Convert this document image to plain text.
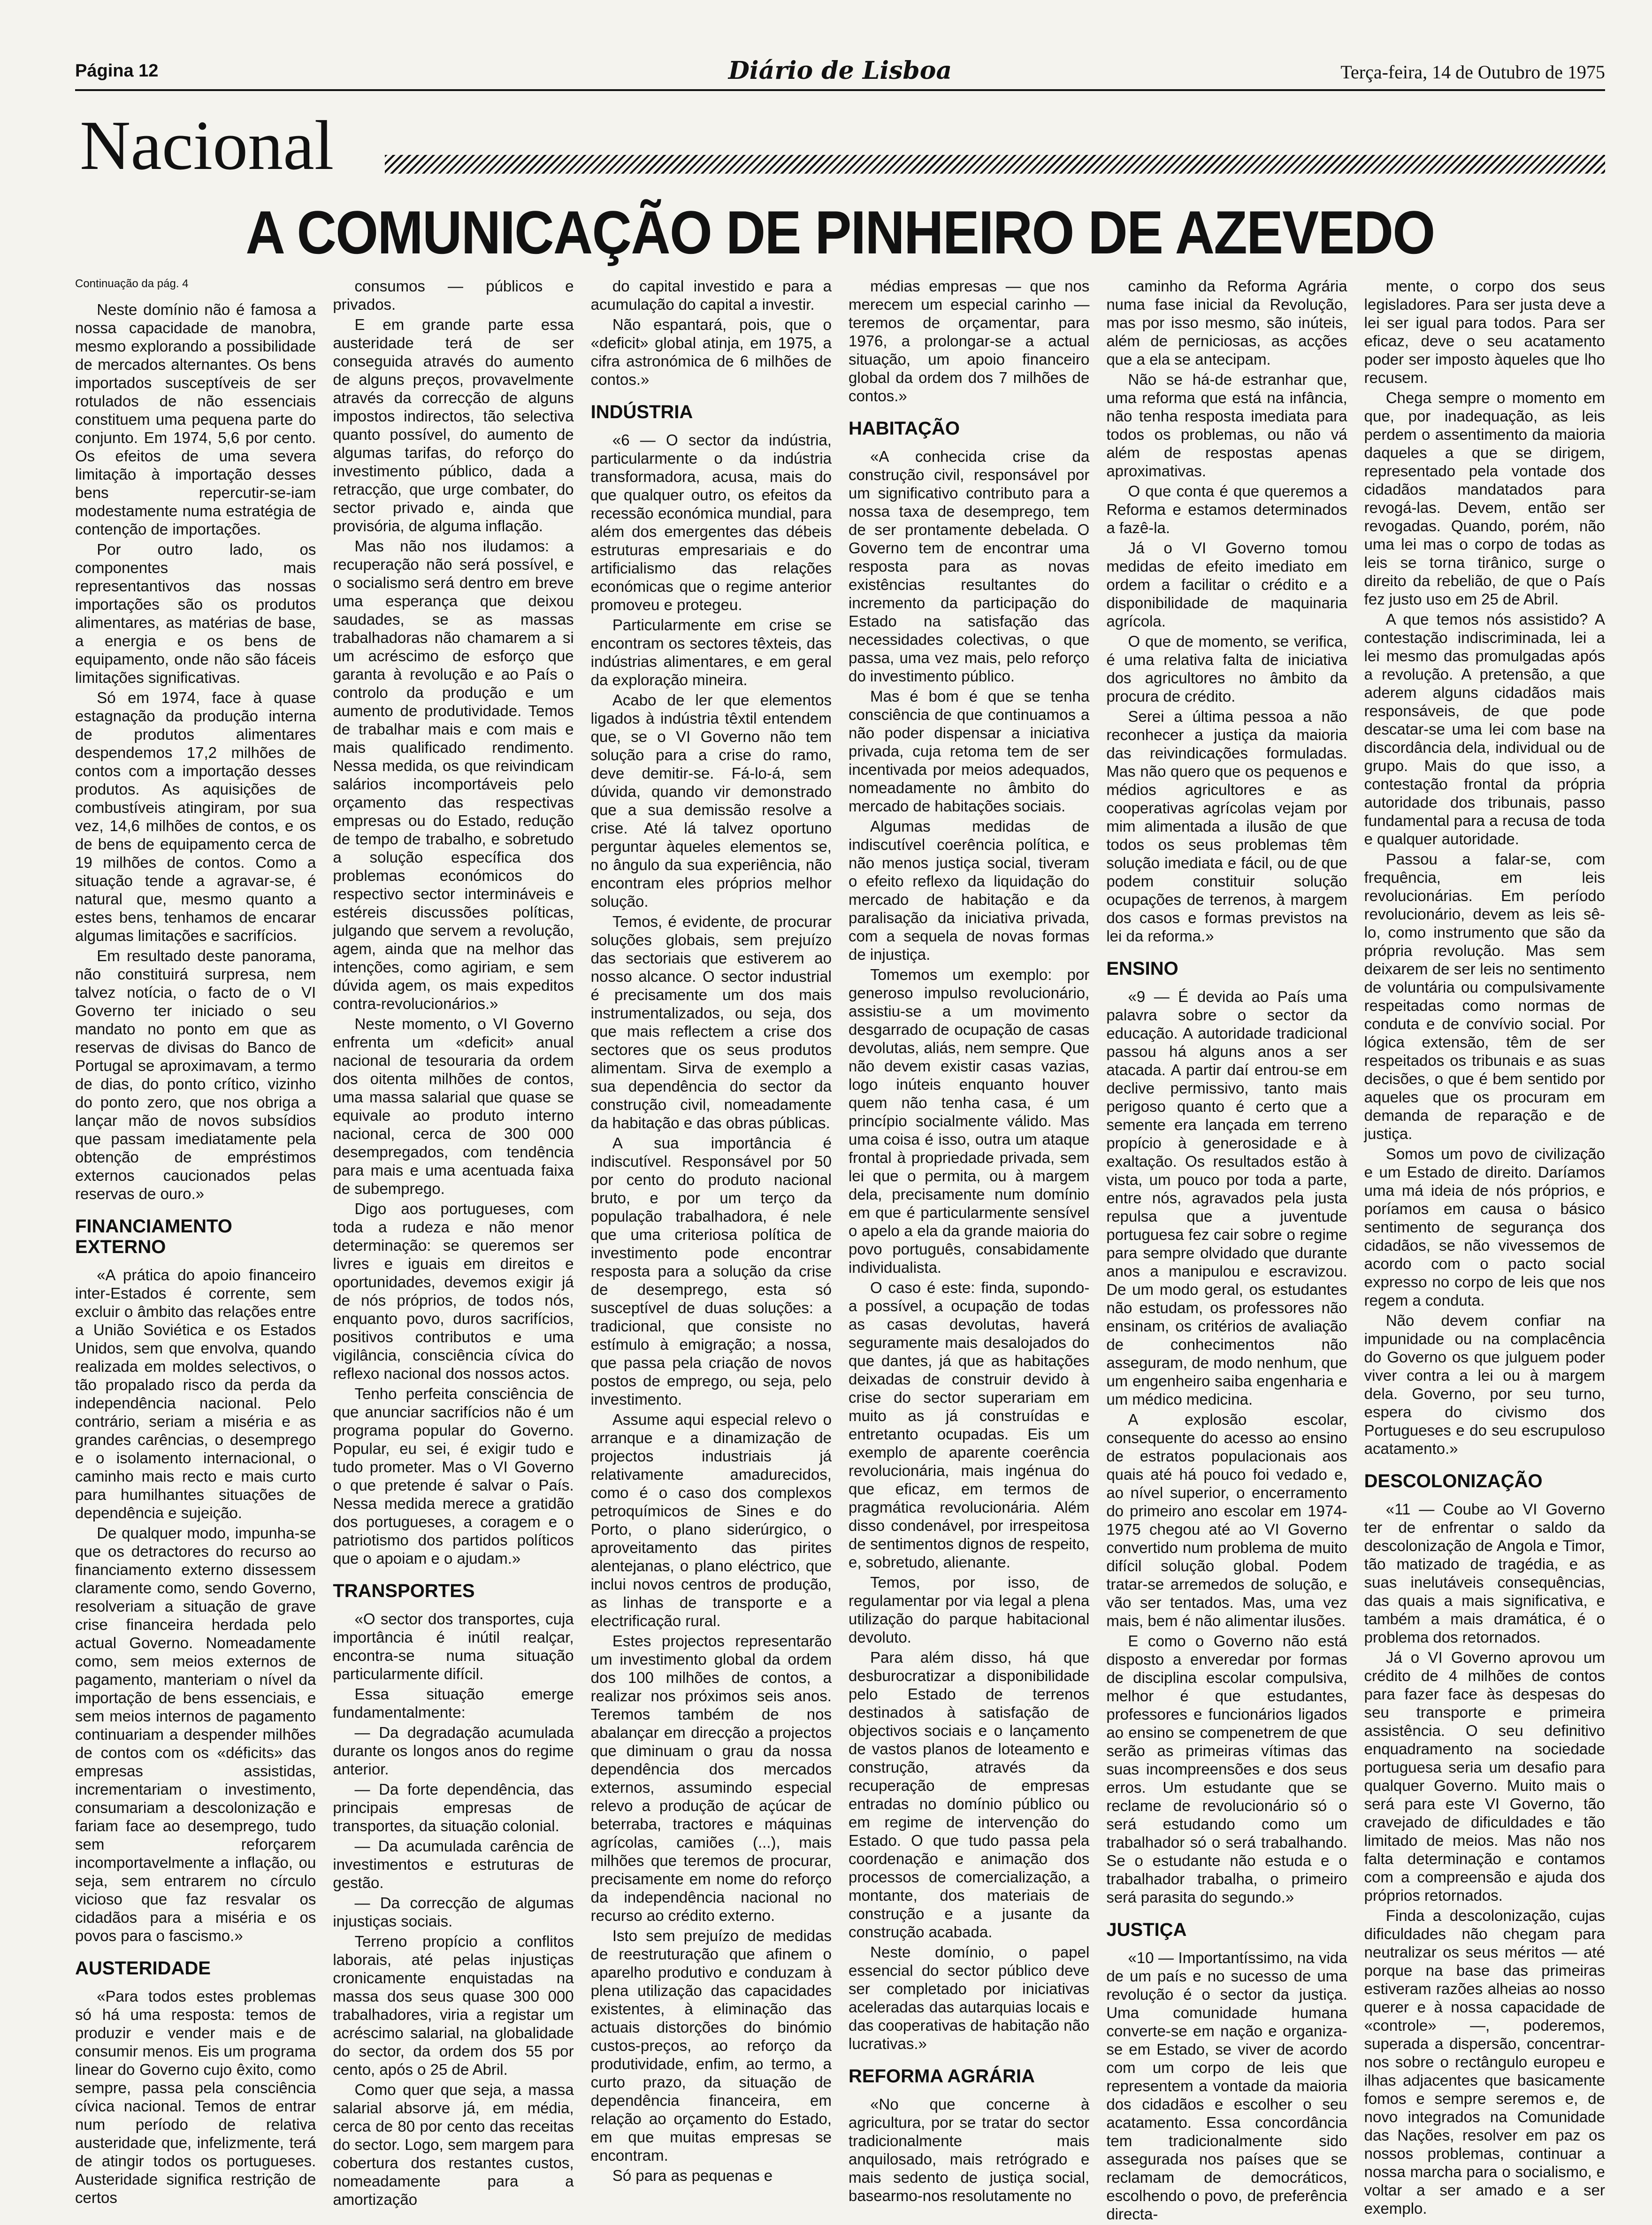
Página 12	Diário de Lisboa	Terça-feira, 14 de Outubro de 1975
Nacional
A COMUNICAÇÃO DE PINHEIRO DE AZEVEDO

Continuação da pág. 4

Neste domínio não é famosa a nossa capacidade de manobra, mesmo explorando a possibilidade de mercados alternantes. Os bens importados susceptíveis de ser rotulados de não essenciais constituem uma pequena parte do conjunto. Em 1974, 5,6 por cento. Os efeitos de uma severa limitação à importação desses bens repercutir-se-iam modestamente numa estratégia de contenção de importações.

Por outro lado, os componentes mais representantivos das nossas importações são os produtos alimentares, as matérias de base, a energia e os bens de equipamento, onde não são fáceis limitações significativas.

Só em 1974, face à quase estagnação da produção interna de produtos alimentares despendemos 17,2 milhões de contos com a importação desses produtos. As aquisições de combustíveis atingiram, por sua vez, 14,6 milhões de contos, e os de bens de equipamento cerca de 19 milhões de contos. Como a situação tende a agravar-se, é natural que, mesmo quanto a estes bens, tenhamos de encarar algumas limitações e sacrifícios.

Em resultado deste panorama, não constituirá surpresa, nem talvez notícia, o facto de o VI Governo ter iniciado o seu mandato no ponto em que as reservas de divisas do Banco de Portugal se aproximavam, a termo de dias, do ponto crítico, vizinho do ponto zero, que nos obriga a lançar mão de novos subsídios que passam imediatamente pela obtenção de empréstimos externos caucionados pelas reservas de ouro.»

FINANCIAMENTO EXTERNO

«A prática do apoio financeiro inter-Estados é corrente, sem excluir o âmbito das relações entre a União Soviética e os Estados Unidos, sem que envolva, quando realizada em moldes selectivos, o tão propalado risco da perda da independência nacional. Pelo contrário, seriam a miséria e as grandes carências, o desemprego e o isolamento internacional, o caminho mais recto e mais curto para humilhantes situações de dependência e sujeição.

De qualquer modo, impunha-se que os detractores do recurso ao financiamento externo dissessem claramente como, sendo Governo, resolveriam a situação de grave crise financeira herdada pelo actual Governo. Nomeadamente como, sem meios externos de pagamento, manteriam o nível da importação de bens essenciais, e sem meios internos de pagamento continuariam a despender milhões de contos com os «déficits» das empresas assistidas, incrementariam o investimento, consumariam a descolonização e fariam face ao desemprego, tudo sem reforçarem incomportavelmente a inflação, ou seja, sem entrarem no círculo vicioso que faz resvalar os cidadãos para a miséria e os povos para o fascismo.»

AUSTERIDADE

«Para todos estes problemas só há uma resposta: temos de produzir e vender mais e de consumir menos. Eis um programa linear do Governo cujo êxito, como sempre, passa pela consciência cívica nacional. Temos de entrar num período de relativa austeridade que, infelizmente, terá de atingir todos os portugueses. Austeridade significa restrição de certos

consumos — públicos e privados.

E em grande parte essa austeridade terá de ser conseguida através do aumento de alguns preços, provavelmente através da correcção de alguns impostos indirectos, tão selectiva quanto possível, do aumento de algumas tarifas, do reforço do investimento público, dada a retracção, que urge combater, do sector privado e, ainda que provisória, de alguma inflação.

Mas não nos iludamos: a recuperação não será possível, e o socialismo será dentro em breve uma esperança que deixou saudades, se as massas trabalhadoras não chamarem a si um acréscimo de esforço que garanta à revolução e ao País o controlo da produção e um aumento de produtividade. Temos de trabalhar mais e com mais e mais qualificado rendimento. Nessa medida, os que reivindicam salários incomportáveis pelo orçamento das respectivas empresas ou do Estado, redução de tempo de trabalho, e sobretudo a solução específica dos problemas económicos do respectivo sector intermináveis e estéreis discussões políticas, julgando que servem a revolução, agem, ainda que na melhor das intenções, como agiriam, e sem dúvida agem, os mais expeditos contra-revolucionários.»

Neste momento, o VI Governo enfrenta um «deficit» anual nacional de tesouraria da ordem dos oitenta milhões de contos, uma massa salarial que quase se equivale ao produto interno nacional, cerca de 300 000 desempregados, com tendência para mais e uma acentuada faixa de subemprego.

Digo aos portugueses, com toda a rudeza e não menor determinação: se queremos ser livres e iguais em direitos e oportunidades, devemos exigir já de nós próprios, de todos nós, enquanto povo, duros sacrifícios, positivos contributos e uma vigilância, consciência cívica do reflexo nacional dos nossos actos.

Tenho perfeita consciência de que anunciar sacrifícios não é um programa popular do Governo. Popular, eu sei, é exigir tudo e tudo prometer. Mas o VI Governo o que pretende é salvar o País. Nessa medida merece a gratidão dos portugueses, a coragem e o patriotismo dos partidos políticos que o apoiam e o ajudam.»

TRANSPORTES

«O sector dos transportes, cuja importância é inútil realçar, encontra-se numa situação particularmente difícil.

Essa situação emerge fundamentalmente:

— Da degradação acumulada durante os longos anos do regime anterior.

— Da forte dependência, das principais empresas de transportes, da situação colonial.

— Da acumulada carência de investimentos e estruturas de gestão.

— Da correcção de algumas injustiças sociais.

Terreno propício a conflitos laborais, até pelas injustiças cronicamente enquistadas na massa dos seus quase 300 000 trabalhadores, viria a registar um acréscimo salarial, na globalidade do sector, da ordem dos 55 por cento, após o 25 de Abril.

Como quer que seja, a massa salarial absorve já, em média, cerca de 80 por cento das receitas do sector. Logo, sem margem para cobertura dos restantes custos, nomeadamente para a amortização

do capital investido e para a acumulação do capital a investir.

Não espantará, pois, que o «deficit» global atinja, em 1975, a cifra astronómica de 6 milhões de contos.»

INDÚSTRIA

«6 — O sector da indústria, particularmente o da indústria transformadora, acusa, mais do que qualquer outro, os efeitos da recessão económica mundial, para além dos emergentes das débeis estruturas empresariais e do artificialismo das relações económicas que o regime anterior promoveu e protegeu.

Particularmente em crise se encontram os sectores têxteis, das indústrias alimentares, e em geral da exploração mineira.

Acabo de ler que elementos ligados à indústria têxtil entendem que, se o VI Governo não tem solução para a crise do ramo, deve demitir-se. Fá-lo-á, sem dúvida, quando vir demonstrado que a sua demissão resolve a crise. Até lá talvez oportuno perguntar àqueles elementos se, no ângulo da sua experiência, não encontram eles próprios melhor solução.

Temos, é evidente, de procurar soluções globais, sem prejuízo das sectoriais que estiverem ao nosso alcance. O sector industrial é precisamente um dos mais instrumentalizados, ou seja, dos que mais reflectem a crise dos sectores que os seus produtos alimentam. Sirva de exemplo a sua dependência do sector da construção civil, nomeadamente da habitação e das obras públicas.

A sua importância é indiscutível. Responsável por 50 por cento do produto nacional bruto, e por um terço da população trabalhadora, é nele que uma criteriosa política de investimento pode encontrar resposta para a solução da crise de desemprego, esta só susceptível de duas soluções: a tradicional, que consiste no estímulo à emigração; a nossa, que passa pela criação de novos postos de emprego, ou seja, pelo investimento.

Assume aqui especial relevo o arranque e a dinamização de projectos industriais já relativamente amadurecidos, como é o caso dos complexos petroquímicos de Sines e do Porto, o plano siderúrgico, o aproveitamento das pirites alentejanas, o plano eléctrico, que inclui novos centros de produção, as linhas de transporte e a electrificação rural.

Estes projectos representarão um investimento global da ordem dos 100 milhões de contos, a realizar nos próximos seis anos. Teremos também de nos abalançar em direcção a projectos que diminuam o grau da nossa dependência dos mercados externos, assumindo especial relevo a produção de açúcar de beterraba, tractores e máquinas agrícolas, camiões (...), mais milhões que teremos de procurar, precisamente em nome do reforço da independência nacional no recurso ao crédito externo.

Isto sem prejuízo de medidas de reestruturação que afinem o aparelho produtivo e conduzam à plena utilização das capacidades existentes, à eliminação das actuais distorções do binómio custos-preços, ao reforço da produtividade, enfim, ao termo, a curto prazo, da situação de dependência financeira, em relação ao orçamento do Estado, em que muitas empresas se encontram.

Só para as pequenas e

médias empresas — que nos merecem um especial carinho — teremos de orçamentar, para 1976, a prolongar-se a actual situação, um apoio financeiro global da ordem dos 7 milhões de contos.»

HABITAÇÃO

«A conhecida crise da construção civil, responsável por um significativo contributo para a nossa taxa de desemprego, tem de ser prontamente debelada. O Governo tem de encontrar uma resposta para as novas existências resultantes do incremento da participação do Estado na satisfação das necessidades colectivas, o que passa, uma vez mais, pelo reforço do investimento público.

Mas é bom é que se tenha consciência de que continuamos a não poder dispensar a iniciativa privada, cuja retoma tem de ser incentivada por meios adequados, nomeadamente no âmbito do mercado de habitações sociais.

Algumas medidas de indiscutível coerência política, e não menos justiça social, tiveram o efeito reflexo da liquidação do mercado de habitação e da paralisação da iniciativa privada, com a sequela de novas formas de injustiça.

Tomemos um exemplo: por generoso impulso revolucionário, assistiu-se a um movimento desgarrado de ocupação de casas devolutas, aliás, nem sempre. Que não devem existir casas vazias, logo inúteis enquanto houver quem não tenha casa, é um princípio socialmente válido. Mas uma coisa é isso, outra um ataque frontal à propriedade privada, sem lei que o permita, ou à margem dela, precisamente num domínio em que é particularmente sensível o apelo a ela da grande maioria do povo português, consabidamente individualista.

O caso é este: finda, supondo-a possível, a ocupação de todas as casas devolutas, haverá seguramente mais desalojados do que dantes, já que as habitações deixadas de construir devido à crise do sector superariam em muito as já construídas e entretanto ocupadas. Eis um exemplo de aparente coerência revolucionária, mais ingénua do que eficaz, em termos de pragmática revolucionária. Além disso condenável, por irrespeitosa de sentimentos dignos de respeito, e, sobretudo, alienante.

Temos, por isso, de regulamentar por via legal a plena utilização do parque habitacional devoluto.

Para além disso, há que desburocratizar a disponibilidade pelo Estado de terrenos destinados à satisfação de objectivos sociais e o lançamento de vastos planos de loteamento e construção, através da recuperação de empresas entradas no domínio público ou em regime de intervenção do Estado. O que tudo passa pela coordenação e animação dos processos de comercialização, a montante, dos materiais de construção e a jusante da construção acabada.

Neste domínio, o papel essencial do sector público deve ser completado por iniciativas aceleradas das autarquias locais e das cooperativas de habitação não lucrativas.»

REFORMA AGRÁRIA

«No que concerne à agricultura, por se tratar do sector tradicionalmente mais anquilosado, mais retrógrado e mais sedento de justiça social, basearmo-nos resolutamente no

caminho da Reforma Agrária numa fase inicial da Revolução, mas por isso mesmo, são inúteis, além de perniciosas, as acções que a ela se antecipam.

Não se há-de estranhar que, uma reforma que está na infância, não tenha resposta imediata para todos os problemas, ou não vá além de respostas apenas aproximativas.

O que conta é que queremos a Reforma e estamos determinados a fazê-la.

Já o VI Governo tomou medidas de efeito imediato em ordem a facilitar o crédito e a disponibilidade de maquinaria agrícola.

O que de momento, se verifica, é uma relativa falta de iniciativa dos agricultores no âmbito da procura de crédito.

Serei a última pessoa a não reconhecer a justiça da maioria das reivindicações formuladas. Mas não quero que os pequenos e médios agricultores e as cooperativas agrícolas vejam por mim alimentada a ilusão de que todos os seus problemas têm solução imediata e fácil, ou de que podem constituir solução ocupações de terrenos, à margem dos casos e formas previstos na lei da reforma.»

ENSINO

«9 — É devida ao País uma palavra sobre o sector da educação. A autoridade tradicional passou há alguns anos a ser atacada. A partir daí entrou-se em declive permissivo, tanto mais perigoso quanto é certo que a semente era lançada em terreno propício à generosidade e à exaltação. Os resultados estão à vista, um pouco por toda a parte, entre nós, agravados pela justa repulsa que a juventude portuguesa fez cair sobre o regime para sempre olvidado que durante anos a manipulou e escravizou. De um modo geral, os estudantes não estudam, os professores não ensinam, os critérios de avaliação de conhecimentos não asseguram, de modo nenhum, que um engenheiro saiba engenharia e um médico medicina.

A explosão escolar, consequente do acesso ao ensino de estratos populacionais aos quais até há pouco foi vedado e, ao nível superior, o encerramento do primeiro ano escolar em 1974-1975 chegou até ao VI Governo convertido num problema de muito difícil solução global. Podem tratar-se arremedos de solução, e vão ser tentados. Mas, uma vez mais, bem é não alimentar ilusões.

E como o Governo não está disposto a enveredar por formas de disciplina escolar compulsiva, melhor é que estudantes, professores e funcionários ligados ao ensino se compenetrem de que serão as primeiras vítimas das suas incompreensões e dos seus erros. Um estudante que se reclame de revolucionário só o será estudando como um trabalhador só o será trabalhando. Se o estudante não estuda e o trabalhador trabalha, o primeiro será parasita do segundo.»

JUSTIÇA

«10 — Importantíssimo, na vida de um país e no sucesso de uma revolução é o sector da justiça. Uma comunidade humana converte-se em nação e organiza-se em Estado, se viver de acordo com um corpo de leis que representem a vontade da maioria dos cidadãos e escolher o seu acatamento. Essa concordância tem tradicionalmente sido assegurada nos países que se reclamam de democráticos, escolhendo o povo, de preferência directa-

mente, o corpo dos seus legisladores. Para ser justa deve a lei ser igual para todos. Para ser eficaz, deve o seu acatamento poder ser imposto àqueles que lho recusem.

Chega sempre o momento em que, por inadequação, as leis perdem o assentimento da maioria daqueles a que se dirigem, representado pela vontade dos cidadãos mandatados para revogá-las. Devem, então ser revogadas. Quando, porém, não uma lei mas o corpo de todas as leis se torna tirânico, surge o direito da rebelião, de que o País fez justo uso em 25 de Abril.

A que temos nós assistido? A contestação indiscriminada, lei a lei mesmo das promulgadas após a revolução. A pretensão, a que aderem alguns cidadãos mais responsáveis, de que pode descatar-se uma lei com base na discordância dela, individual ou de grupo. Mais do que isso, a contestação frontal da própria autoridade dos tribunais, passo fundamental para a recusa de toda e qualquer autoridade.

Passou a falar-se, com frequência, em leis revolucionárias. Em período revolucionário, devem as leis sê-lo, como instrumento que são da própria revolução. Mas sem deixarem de ser leis no sentimento de voluntária ou compulsivamente respeitadas como normas de conduta e de convívio social. Por lógica extensão, têm de ser respeitados os tribunais e as suas decisões, o que é bem sentido por aqueles que os procuram em demanda de reparação e de justiça.

Somos um povo de civilização e um Estado de direito. Daríamos uma má ideia de nós próprios, e poríamos em causa o básico sentimento de segurança dos cidadãos, se não vivessemos de acordo com o pacto social expresso no corpo de leis que nos regem a conduta.

Não devem confiar na impunidade ou na complacência do Governo os que julguem poder viver contra a lei ou à margem dela. Governo, por seu turno, espera do civismo dos Portugueses e do seu escrupuloso acatamento.»

DESCOLONIZAÇÃO

«11 — Coube ao VI Governo ter de enfrentar o saldo da descolonização de Angola e Timor, tão matizado de tragédia, e as suas inelutáveis consequências, das quais a mais significativa, e também a mais dramática, é o problema dos retornados.

Já o VI Governo aprovou um crédito de 4 milhões de contos para fazer face às despesas do seu transporte e primeira assistência. O seu definitivo enquadramento na sociedade portuguesa seria um desafio para qualquer Governo. Muito mais o será para este VI Governo, tão cravejado de dificuldades e tão limitado de meios. Mas não nos falta determinação e contamos com a compreensão e ajuda dos próprios retornados.

Finda a descolonização, cujas dificuldades não chegam para neutralizar os seus méritos — até porque na base das primeiras estiveram razões alheias ao nosso querer e à nossa capacidade de «controle» —, poderemos, superada a dispersão, concentrar-nos sobre o rectângulo europeu e ilhas adjacentes que basicamente fomos e sempre seremos e, de novo integrados na Comunidade das Nações, resolver em paz os nossos problemas, continuar a nossa marcha para o socialismo, e voltar a ser amado e a ser exemplo.
